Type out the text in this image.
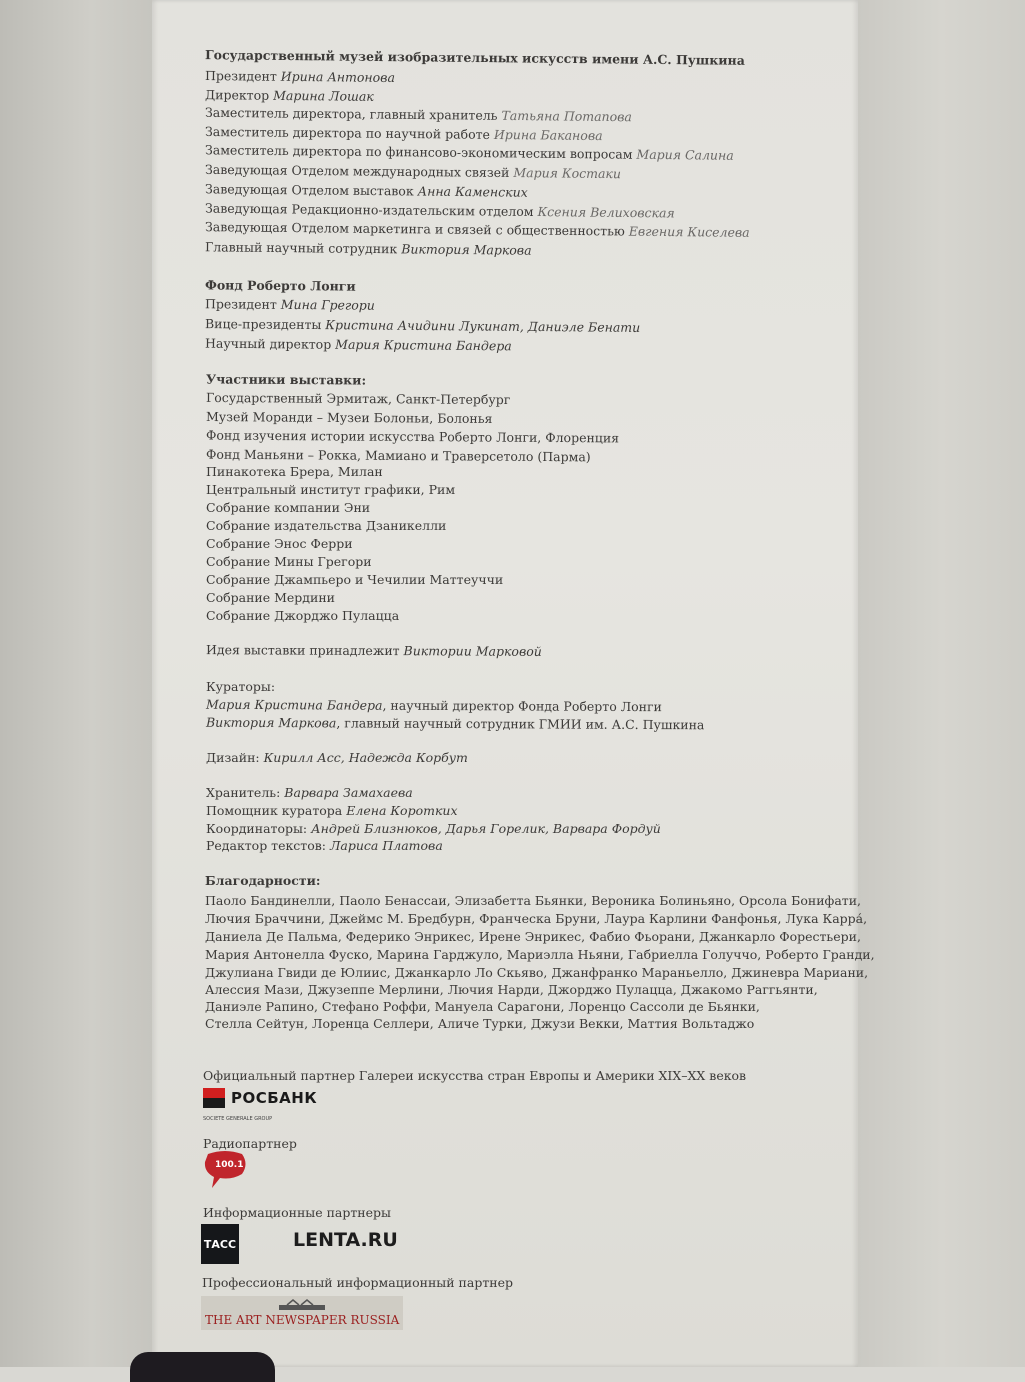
Государственный музей изобразительных искусств имени А.С. Пушкина
Президент Ирина Антонова
Директор Марина Лошак
Заместитель директора, главный хранитель Татьяна Потапова
Заместитель директора по научной работе Ирина Баканова
Заместитель директора по финансово-экономическим вопросам Мария Салина
Заведующая Отделом международных связей Мария Костаки
Заведующая Отделом выставок Анна Каменских
Заведующая Редакционно-издательским отделом Ксения Велиховская
Заведующая Отделом маркетинга и связей с общественностью Евгения Киселева
Главный научный сотрудник Виктория Маркова
Фонд Роберто Лонги
Президент Мина Грегори
Вице-президенты Кристина Ачидини Лукинат, Даниэле Бенати
Научный директор Мария Кристина Бандера
Участники выставки:
Государственный Эрмитаж, Санкт-Петербург
Музей Моранди – Музеи Болоньи, Болонья
Фонд изучения истории искусства Роберто Лонги, Флоренция
Фонд Маньяни – Рокка, Мамиано и Траверсетоло (Парма)
Пинакотека Брера, Милан
Центральный институт графики, Рим
Собрание компании Эни
Собрание издательства Дзаникелли
Собрание Энос Ферри
Собрание Мины Грегори
Собрание Джампьеро и Чечилии Маттеуччи
Собрание Мердини
Собрание Джорджо Пулацца
Идея выставки принадлежит Виктории Марковой
Кураторы:
Мария Кристина Бандера, научный директор Фонда Роберто Лонги
Виктория Маркова, главный научный сотрудник ГМИИ им. А.С. Пушкина
Дизайн: Кирилл Асс, Надежда Корбут
Хранитель: Варвара Замахаева
Помощник куратора Елена Коротких
Координаторы: Андрей Близнюков, Дарья Горелик, Варвара Фордуй
Редактор текстов: Лариса Платова
Благодарности:
Паоло Бандинелли, Паоло Бенассаи, Элизабетта Бьянки, Вероника Болиньяно, Орсола Бонифати,
Лючия Браччини, Джеймс М. Бредбурн, Франческа Бруни, Лаура Карлини Фанфонья, Лука Карра́,
Даниела Де Пальма, Федерико Энрикес, Ирене Энрикес, Фабио Фьорани, Джанкарло Форестьери,
Мария Антонелла Фуско, Марина Гарджуло, Мариэлла Ньяни, Габриелла Голуччо, Роберто Гранди,
Джулиана Гвиди де Юлиис, Джанкарло Ло Скьяво, Джанфранко Мараньелло, Джиневра Мариани,
Алессия Мази, Джузеппе Мерлини, Лючия Нарди, Джорджо Пулацца, Джакомо Раггьянти,
Даниэле Рапино, Стефано Роффи, Мануела Сарагони, Лоренцо Сассоли де Бьянки,
Стелла Сейтун, Лоренца Селлери, Аличе Турки, Джузи Векки, Маттия Вольтаджо
Официальный партнер Галереи искусства стран Европы и Америки XIX–XX веков
РОСБАНК
SOCIETE GENERALE GROUP
Радиопартнер
100.1
Информационные партнеры
ТАСС	LENTA.RU
Профессиональный информационный партнер
THE ART NEWSPAPER RUSSIA
